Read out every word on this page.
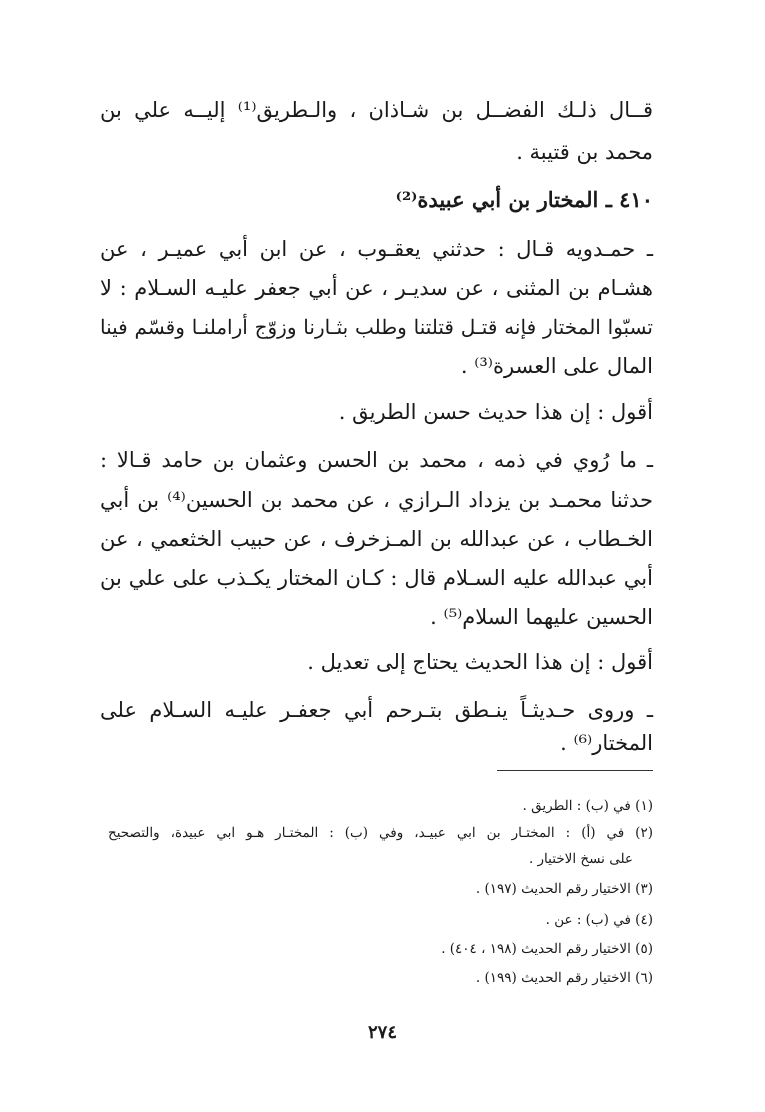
قــال ذلـك الفضــل بن شـاذان ، والـطريق⁽¹⁾ إليــه علي بن
محمد بن قتيبة .
٤١٠ ـ المختار بن أبي عبيدة⁽²⁾
ـ حمـدويه قـال : حدثني يعقـوب ، عن ابن أبي عميـر ، عن
هشـام بن المثنى ، عن سديـر ، عن أبي جعفر عليـه السـلام : لا
تسبّوا المختار فإنه قتـل قتلتنا وطلب بثـارنا وزوّج أراملنـا وقسّم فينا
المال على العسرة⁽³⁾ .
أقول : إن هذا حديث حسن الطريق .
ـ ما رُوي في ذمه ، محمد بن الحسن وعثمان بن حامد قـالا :
حدثنا محمـد بن يزداد الـرازي ، عن محمد بن الحسين⁽⁴⁾ بن أبي
الخـطاب ، عن عبدالله بن المـزخرف ، عن حبيب الخثعمي ، عن
أبي عبدالله عليه السـلام قال : كـان المختار يكـذب على علي بن
الحسين عليهما السلام⁽⁵⁾ .
أقول : إن هذا الحديث يحتاج إلى تعديل .
ـ وروى حـديثـاً ينـطق بتـرحم أبي جعفـر عليـه السـلام على
المختار⁽⁶⁾ .
(١) في (ب) : الطريق .
(٢) في (أ) : المختـار بن ابي عبيـد، وفي (ب) : المختـار هـو ابي عبيدة، والتصحيح
على نسخ الاختيار .
(٣) الاختيار رقم الحديث (١٩٧) .
(٤) في (ب) : عن .
(٥) الاختيار رقم الحديث (١٩٨ ، ٤٠٤) .
(٦) الاختيار رقم الحديث (١٩٩) .
٢٧٤
